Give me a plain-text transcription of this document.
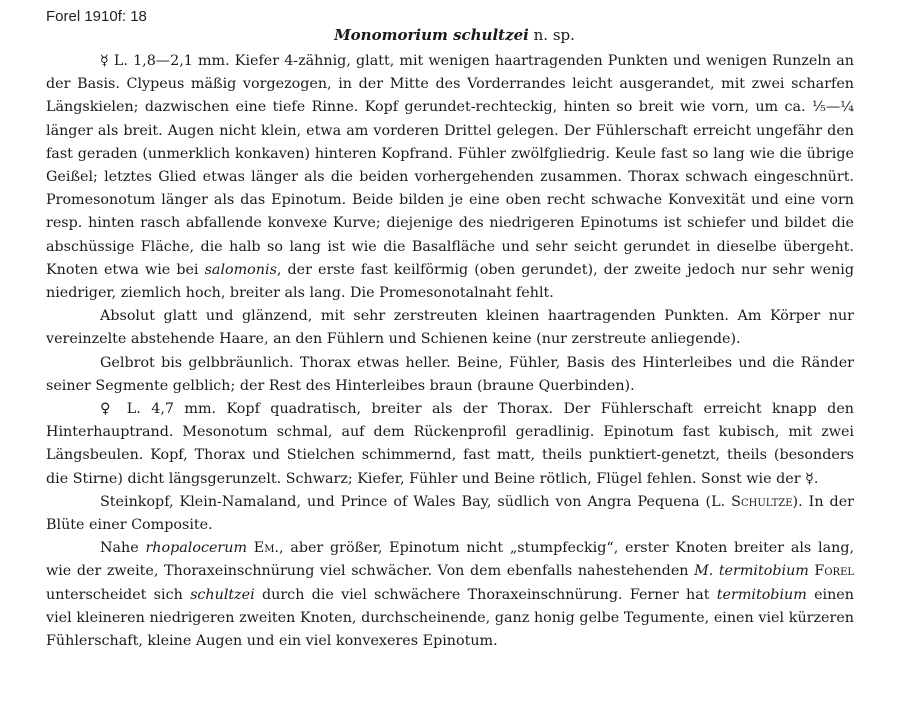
Forel 1910f: 18
Monomorium schultzei n. sp.

☿ L. 1,8—2,1 mm. Kiefer 4-zähnig, glatt, mit wenigen haartragenden Punkten und wenigen Runzeln an der Basis. Clypeus mäßig vorgezogen, in der Mitte des Vorderrandes leicht ausgerandet, mit zwei scharfen Längskielen; dazwischen eine tiefe Rinne. Kopf gerundet-rechteckig, hinten so breit wie vorn, um ca. ⅕—¼ länger als breit. Augen nicht klein, etwa am vorderen Drittel gelegen. Der Fühlerschaft erreicht ungefähr den fast geraden (unmerklich konkaven) hinteren Kopfrand. Fühler zwölfgliedrig. Keule fast so lang wie die übrige Geißel; letztes Glied etwas länger als die beiden vorhergehenden zusammen. Thorax schwach eingeschnürt. Promesonotum länger als das Epinotum. Beide bilden je eine oben recht schwache Konvexität und eine vorn resp. hinten rasch abfallende konvexe Kurve; diejenige des niedrigeren Epinotums ist schiefer und bildet die abschüssige Fläche, die halb so lang ist wie die Basalfläche und sehr seicht gerundet in dieselbe übergeht. Knoten etwa wie bei salomonis, der erste fast keilförmig (oben gerundet), der zweite jedoch nur sehr wenig niedriger, ziemlich hoch, breiter als lang. Die Promesonotalnaht fehlt.

Absolut glatt und glänzend, mit sehr zerstreuten kleinen haartragenden Punkten. Am Körper nur vereinzelte abstehende Haare, an den Fühlern und Schienen keine (nur zerstreute anliegende).

Gelbrot bis gelbbräunlich. Thorax etwas heller. Beine, Fühler, Basis des Hinterleibes und die Ränder seiner Segmente gelblich; der Rest des Hinterleibes braun (braune Querbinden).

♀ L. 4,7 mm. Kopf quadratisch, breiter als der Thorax. Der Fühlerschaft erreicht knapp den Hinterhauptrand. Mesonotum schmal, auf dem Rückenprofil geradlinig. Epinotum fast kubisch, mit zwei Längsbeulen. Kopf, Thorax und Stielchen schimmernd, fast matt, theils punktiert-genetzt, theils (besonders die Stirne) dicht längsgerunzelt. Schwarz; Kiefer, Fühler und Beine rötlich, Flügel fehlen. Sonst wie der ☿.

Steinkopf, Klein-Namaland, und Prince of Wales Bay, südlich von Angra Pequena (L. Schultze). In der Blüte einer Composite.

Nahe rhopalocerum Em., aber größer, Epinotum nicht „stumpfeckig“, erster Knoten breiter als lang, wie der zweite, Thoraxeinschnürung viel schwächer. Von dem ebenfalls nahestehenden M. termitobium Forel unterscheidet sich schultzei durch die viel schwächere Thoraxeinschnürung. Ferner hat termitobium einen viel kleineren niedrigeren zweiten Knoten, durchscheinende, ganz honig gelbe Tegumente, einen viel kürzeren Fühlerschaft, kleine Augen und ein viel konvexeres Epinotum.
